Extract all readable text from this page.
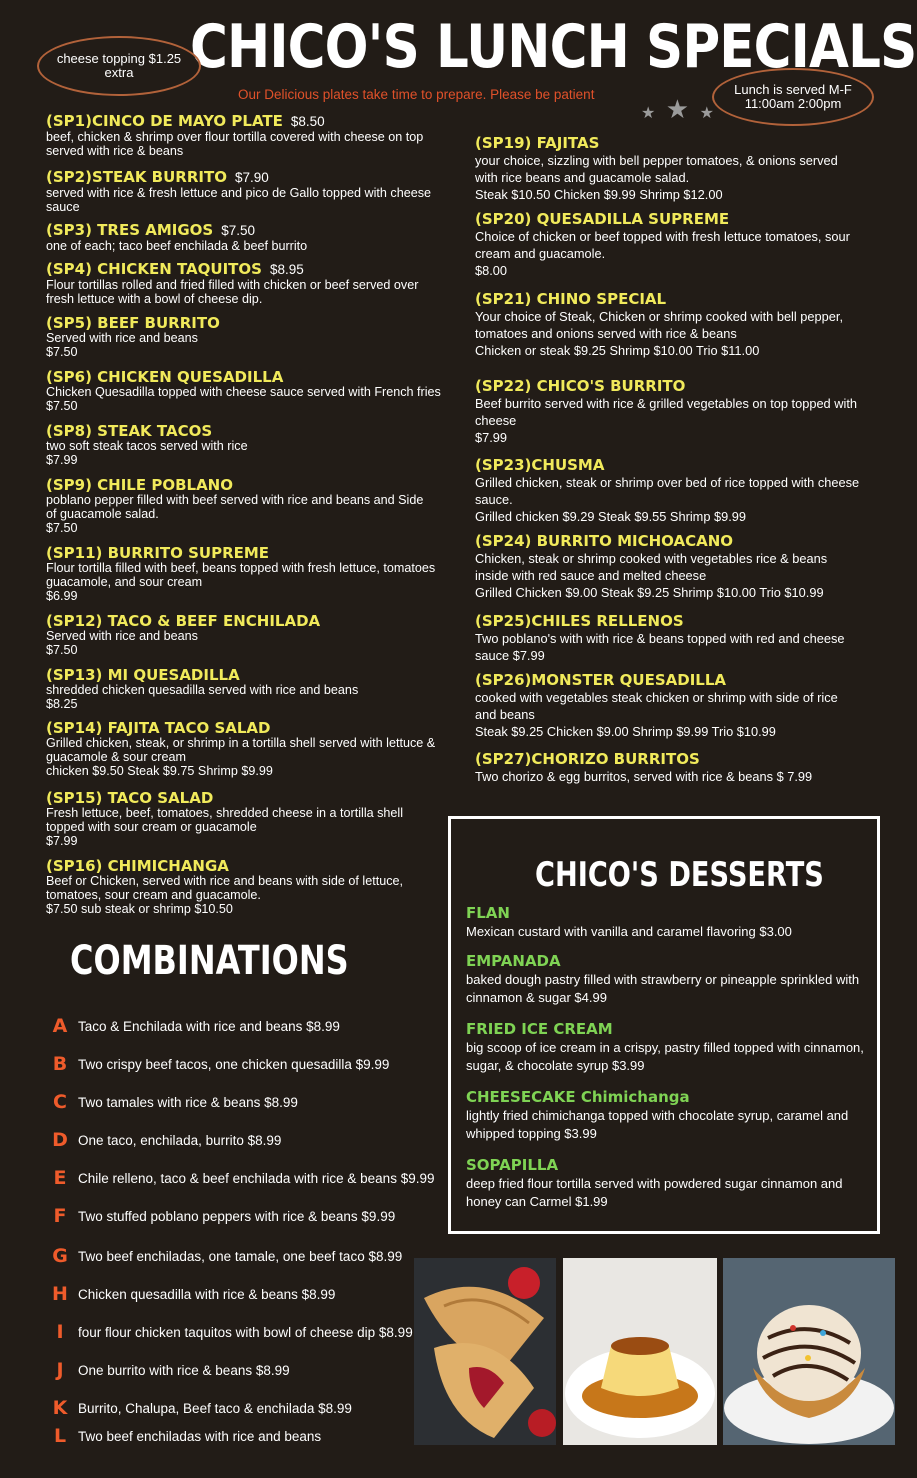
CHICO'S LUNCH SPECIALS
cheese topping $1.25
extra
Lunch is served M-F
11:00am 2:00pm
Our Delicious plates take time to prepare. Please be patient
★ ★ ★
(SP1)CINCO DE MAYO PLATE $8.50
beef, chicken & shrimp over flour tortilla covered with cheese on top
served with rice & beans
(SP2)STEAK BURRITO $7.90
served with rice & fresh lettuce and pico de Gallo topped with cheese
sauce
(SP3) TRES AMIGOS $7.50
one of each; taco beef enchilada & beef burrito
(SP4) CHICKEN TAQUITOS $8.95
Flour tortillas rolled and fried filled with chicken or beef served over
fresh lettuce with a bowl of cheese dip.
(SP5) BEEF BURRITO
Served with rice and beans
$7.50
(SP6) CHICKEN QUESADILLA
Chicken Quesadilla topped with cheese sauce served with French fries
$7.50
(SP8) STEAK TACOS
two soft steak tacos served with rice
$7.99
(SP9) CHILE POBLANO
poblano pepper filled with beef served with rice and beans and Side
of guacamole salad.
$7.50
(SP11) BURRITO SUPREME
Flour tortilla filled with beef, beans topped with fresh lettuce, tomatoes
guacamole, and sour cream
$6.99
(SP12) TACO & BEEF ENCHILADA
Served with rice and beans
$7.50
(SP13) MI QUESADILLA
shredded chicken quesadilla served with rice and beans
$8.25
(SP14) FAJITA TACO SALAD
Grilled chicken, steak, or shrimp in a tortilla shell served with lettuce &
guacamole & sour cream
chicken $9.50 Steak $9.75 Shrimp $9.99
(SP15) TACO SALAD
Fresh lettuce, beef, tomatoes, shredded cheese in a tortilla shell
topped with sour cream or guacamole
$7.99
(SP16) CHIMICHANGA
Beef or Chicken, served with rice and beans with side of lettuce,
tomatoes, sour cream and guacamole.
$7.50 sub steak or shrimp $10.50
(SP19) FAJITAS
your choice, sizzling with bell pepper tomatoes, & onions served
with rice beans and guacamole salad.
Steak $10.50 Chicken $9.99 Shrimp $12.00
(SP20) QUESADILLA SUPREME
Choice of chicken or beef topped with fresh lettuce tomatoes, sour
cream and guacamole.
$8.00
(SP21) CHINO SPECIAL
Your choice of Steak, Chicken or shrimp cooked with bell pepper,
tomatoes and onions served with rice & beans
Chicken or steak $9.25 Shrimp $10.00 Trio $11.00
(SP22) CHICO'S BURRITO
Beef burrito served with rice & grilled vegetables on top topped with
cheese
$7.99
(SP23)CHUSMA
Grilled chicken, steak or shrimp over bed of rice topped with cheese
sauce.
Grilled chicken $9.29 Steak $9.55 Shrimp $9.99
(SP24) BURRITO MICHOACANO
Chicken, steak or shrimp cooked with vegetables rice & beans
inside with red sauce and melted cheese
Grilled Chicken $9.00 Steak $9.25 Shrimp $10.00 Trio $10.99
(SP25)CHILES RELLENOS
Two poblano's with with rice & beans topped with red and cheese
sauce $7.99
(SP26)MONSTER QUESADILLA
cooked with vegetables steak chicken or shrimp with side of rice
and beans
Steak $9.25 Chicken $9.00 Shrimp $9.99 Trio $10.99
(SP27)CHORIZO BURRITOS
Two chorizo & egg burritos, served with rice & beans $ 7.99
COMBINATIONS
A Taco & Enchilada with rice and beans $8.99
B Two crispy beef tacos, one chicken quesadilla $9.99
C Two tamales with rice & beans $8.99
D One taco, enchilada, burrito $8.99
E Chile relleno, taco & beef enchilada with rice & beans $9.99
F Two stuffed poblano peppers with rice & beans $9.99
G Two beef enchiladas, one tamale, one beef taco $8.99
H Chicken quesadilla with rice & beans $8.99
I	four flour chicken taquitos with bowl of cheese dip $8.99
J	One burrito with rice & beans $8.99
K Burrito, Chalupa, Beef taco & enchilada $8.99
L Two beef enchiladas with rice and beans
CHICO'S DESSERTS
FLAN
Mexican custard with vanilla and caramel flavoring $3.00
EMPANADA
baked dough pastry filled with strawberry or pineapple sprinkled with
cinnamon & sugar $4.99
FRIED ICE CREAM
big scoop of ice cream in a crispy, pastry filled topped with cinnamon,
sugar, & chocolate syrup $3.99
CHEESECAKE Chimichanga
lightly fried chimichanga topped with chocolate syrup, caramel and
whipped topping $3.99
SOPAPILLA
deep fried flour tortilla served with powdered sugar cinnamon and
honey can Carmel $1.99
